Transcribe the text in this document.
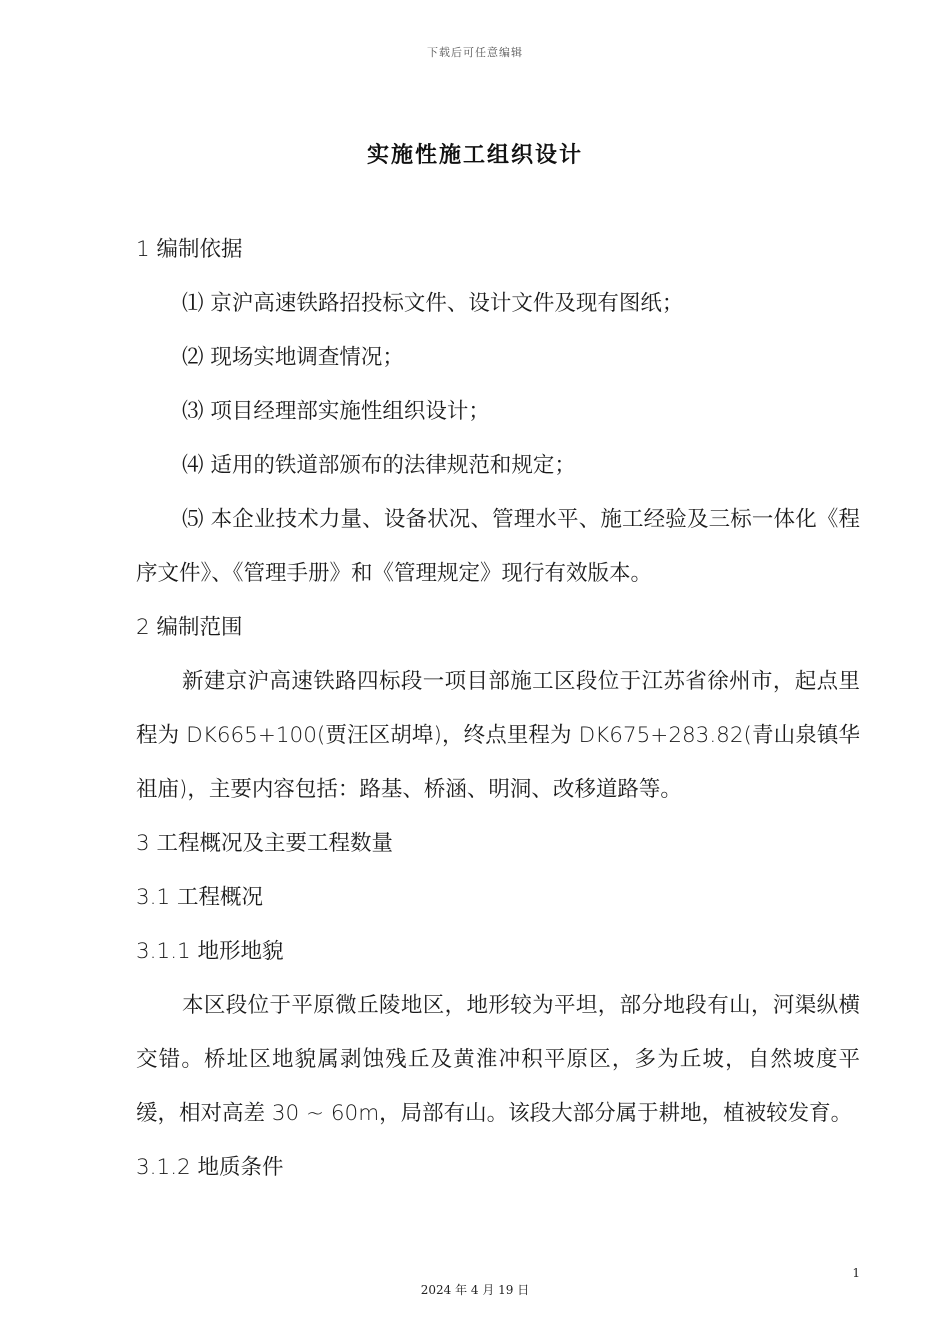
下载后可任意编辑
实施性施工组织设计

1 编制依据

⑴ 京沪高速铁路招投标文件、设计文件及现有图纸；

⑵ 现场实地调查情况；

⑶ 项目经理部实施性组织设计；

⑷ 适用的铁道部颁布的法律规范和规定；

⑸ 本企业技术力量、设备状况、管理水平、施工经验及三标一体化《程序文件》、《管理手册》和《管理规定》现行有效版本。

2 编制范围

新建京沪高速铁路四标段一项目部施工区段位于江苏省徐州市，起点里程为 DK665+100(贾汪区胡埠)，终点里程为 DK675+283.82(青山泉镇华祖庙)，主要内容包括：路基、桥涵、明洞、改移道路等。

3 工程概况及主要工程数量

3.1 工程概况

3.1.1 地形地貌

本区段位于平原微丘陵地区，地形较为平坦，部分地段有山，河渠纵横交错。桥址区地貌属剥蚀残丘及黄淮冲积平原区，多为丘坡，自然坡度平缓，相对高差 30 ~ 60m，局部有山。该段大部分属于耕地，植被较发育。

3.1.2 地质条件

1
2024 年 4 月 19 日
